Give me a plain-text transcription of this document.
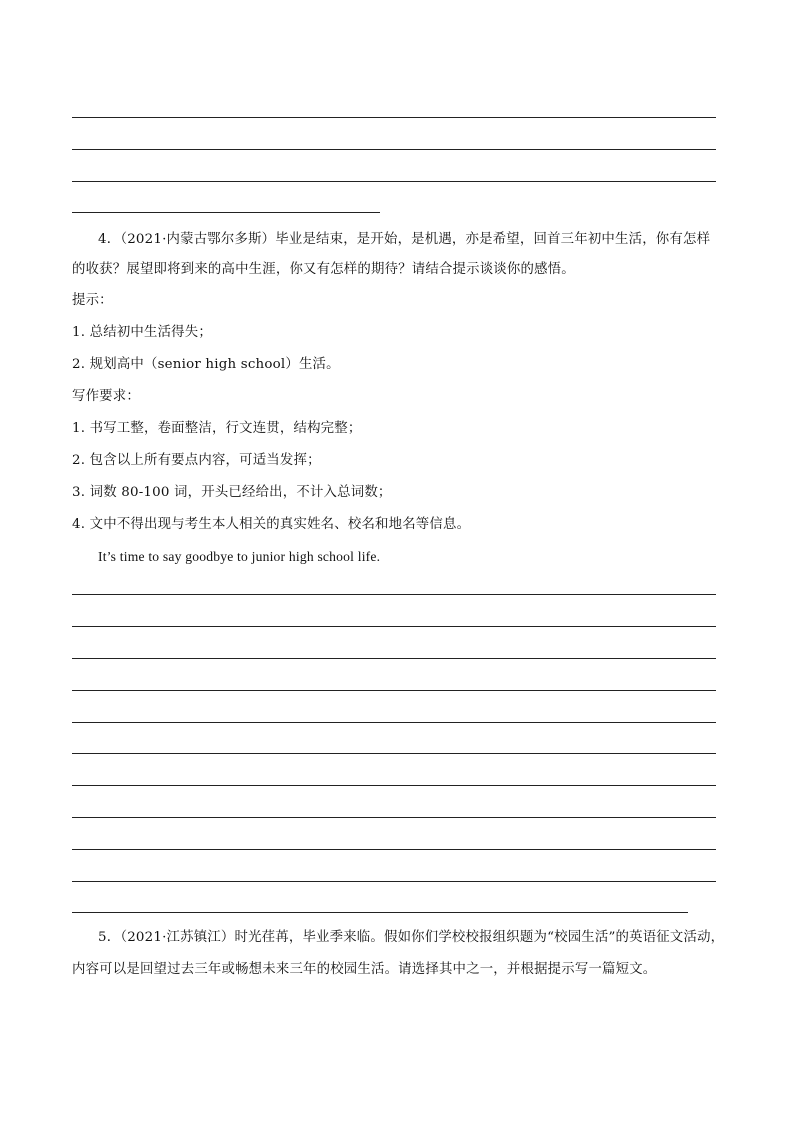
4．（2021·内蒙古鄂尔多斯）毕业是结束，是开始，是机遇，亦是希望，回首三年初中生活，你有怎样
的收获？展望即将到来的高中生涯，你又有怎样的期待？请结合提示谈谈你的感悟。
提示：
1. 总结初中生活得失；
2. 规划高中（senior high school）生活。
写作要求：
1. 书写工整，卷面整洁，行文连贯，结构完整；
2. 包含以上所有要点内容，可适当发挥；
3. 词数 80-100 词，开头已经给出，不计入总词数；
4. 文中不得出现与考生本人相关的真实姓名、校名和地名等信息。
It’s time to say goodbye to junior high school life.
5．（2021·江苏镇江）时光荏苒，毕业季来临。假如你们学校校报组织题为“校园生活”的英语征文活动，
内容可以是回望过去三年或畅想未来三年的校园生活。请选择其中之一，并根据提示写一篇短文。
